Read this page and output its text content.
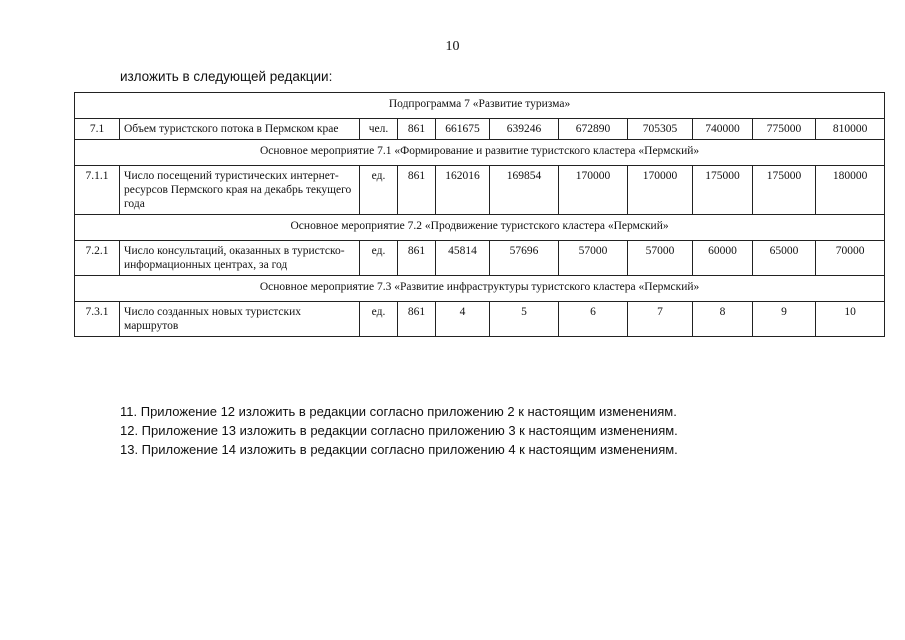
10
изложить в следующей редакции:
Подпрограмма 7 «Развитие туризма»										
7.1	Объем туристского потока в Пермском крае	чел.	861	661675	639246	672890	705305	740000	775000	810000
Основное мероприятие 7.1 «Формирование и развитие туристского кластера «Пермский»										
7.1.1	Число посещений туристических интернет-ресурсов Пермского края на декабрь текущего года	ед.	861	162016	169854	170000	170000	175000	175000	180000
Основное мероприятие 7.2 «Продвижение туристского кластера «Пермский»										
7.2.1	Число консультаций, оказанных в туристско-информационных центрах, за год	ед.	861	45814	57696	57000	57000	60000	65000	70000
Основное мероприятие 7.3 «Развитие инфраструктуры туристского кластера «Пермский»										
7.3.1	Число созданных новых туристских маршрутов	ед.	861	4	5	6	7	8	9	10
11. Приложение 12 изложить в редакции согласно приложению 2 к настоящим изменениям.
12. Приложение 13 изложить в редакции согласно приложению 3 к настоящим изменениям.
13. Приложение 14 изложить в редакции согласно приложению 4 к настоящим изменениям.
